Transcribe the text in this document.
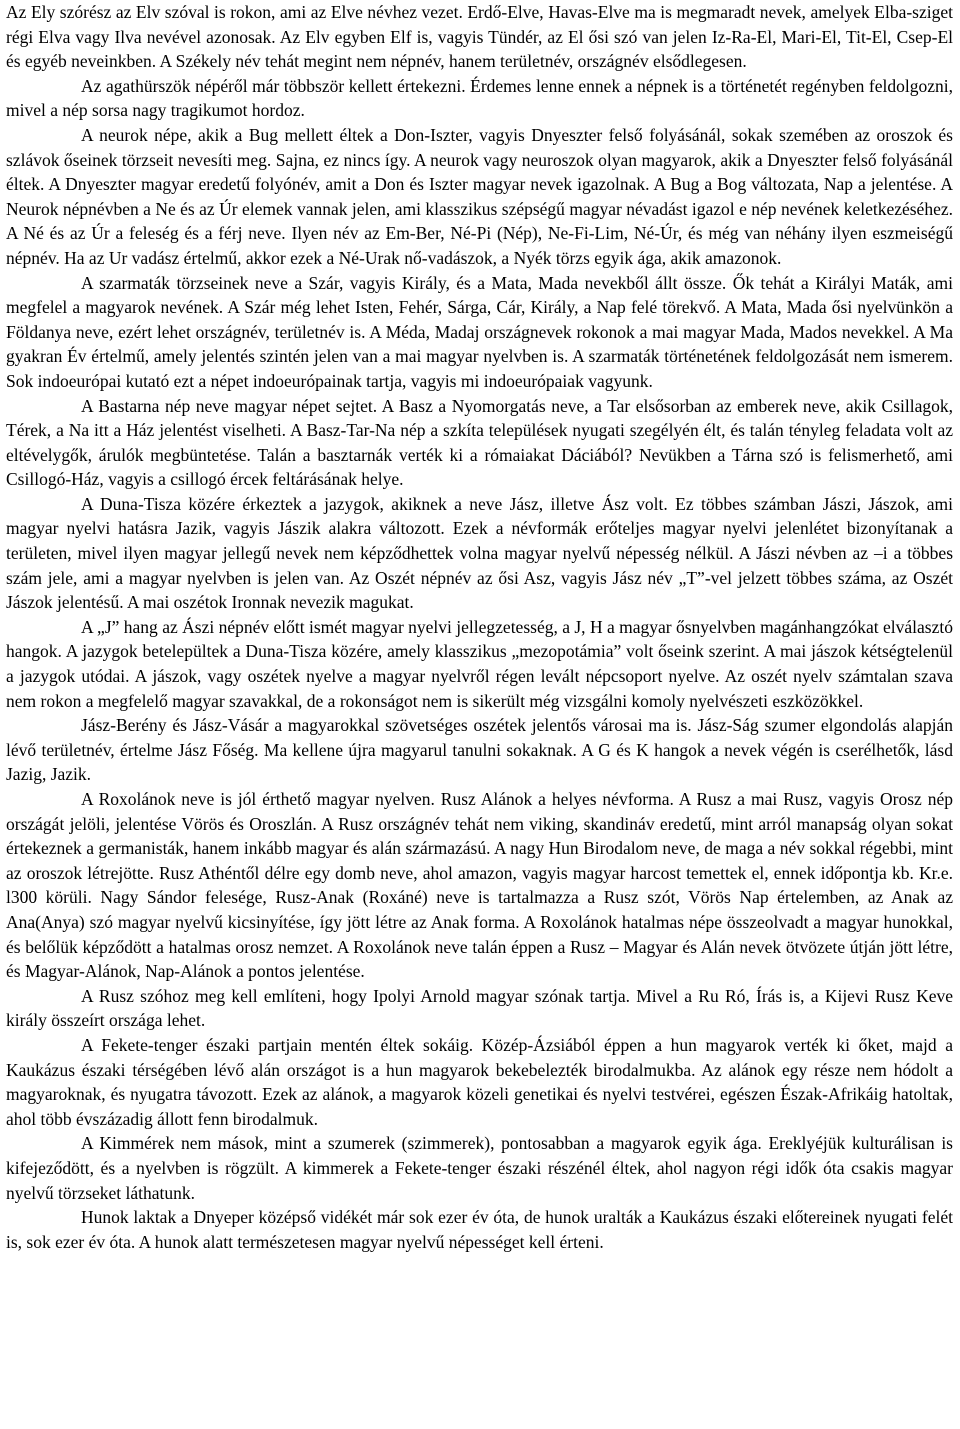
Az Ely szórész az Elv szóval is rokon, ami az Elve névhez vezet. Erdő-Elve, Havas-Elve ma is megmaradt nevek, amelyek Elba-sziget régi Elva vagy Ilva nevével azonosak. Az Elv egyben Elf is, vagyis Tündér, az El ősi szó van jelen Iz-Ra-El, Mari-El, Tit-El, Csep-El és egyéb neveinkben. A Székely név tehát megint nem népnév, hanem területnév, országnév elsődlegesen.

Az agathürszök népéről már többször kellett értekezni. Érdemes lenne ennek a népnek is a történetét regényben feldolgozni, mivel a nép sorsa nagy tragikumot hordoz.

A neurok népe, akik a Bug mellett éltek a Don-Iszter, vagyis Dnyeszter felső folyásánál, sokak szemében az oroszok és szlávok őseinek törzseit nevesíti meg. Sajna, ez nincs így. A neurok vagy neuroszok olyan magyarok, akik a Dnyeszter felső folyásánál éltek. A Dnyeszter magyar eredetű folyónév, amit a Don és Iszter magyar nevek igazolnak. A Bug a Bog változata, Nap a jelentése. A Neurok népnévben a Ne és az Úr elemek vannak jelen, ami klasszikus szépségű magyar névadást igazol e nép nevének keletkezéséhez. A Né és az Úr a feleség és a férj neve. Ilyen név az Em-Ber, Né-Pi (Nép), Ne-Fi-Lim, Né-Úr, és még van néhány ilyen eszmeiségű népnév. Ha az Ur vadász értelmű, akkor ezek a Né-Urak nő-vadászok, a Nyék törzs egyik ága, akik amazonok.

A szarmaták törzseinek neve a Szár, vagyis Király, és a Mata, Mada nevekből állt össze. Ők tehát a Királyi Maták, ami megfelel a magyarok nevének. A Szár még lehet Isten, Fehér, Sárga, Cár, Király, a Nap felé törekvő. A Mata, Mada ősi nyelvünkön a Földanya neve, ezért lehet országnév, területnév is. A Méda, Madaj országnevek rokonok a mai magyar Mada, Mados nevekkel. A Ma gyakran Év értelmű, amely jelentés szintén jelen van a mai magyar nyelvben is. A szarmaták történetének feldolgozását nem ismerem. Sok indoeurópai kutató ezt a népet indoeurópainak tartja, vagyis mi indoeurópaiak vagyunk.

A Bastarna nép neve magyar népet sejtet. A Basz a Nyomorgatás neve, a Tar elsősorban az emberek neve, akik Csillagok, Térek, a Na itt a Ház jelentést viselheti. A Basz-Tar-Na nép a szkíta települések nyugati szegélyén élt, és talán tényleg feladata volt az eltévelygők, árulók megbüntetése. Talán a basztarnák verték ki a rómaiakat Dáciából? Nevükben a Tárna szó is felismerhető, ami Csillogó-Ház, vagyis a csillogó ércek feltárásának helye.

A Duna-Tisza közére érkeztek a jazygok, akiknek a neve Jász, illetve Ász volt. Ez többes számban Jászi, Jászok, ami magyar nyelvi hatásra Jazik, vagyis Jászik alakra változott. Ezek a névformák erőteljes magyar nyelvi jelenlétet bizonyítanak a területen, mivel ilyen magyar jellegű nevek nem képződhettek volna magyar nyelvű népesség nélkül. A Jászi névben az –i a többes szám jele, ami a magyar nyelvben is jelen van. Az Oszét népnév az ősi Asz, vagyis Jász név „T”-vel jelzett többes száma, az Oszét Jászok jelentésű. A mai oszétok Ironnak nevezik magukat.

A „J” hang az Ászi népnév előtt ismét magyar nyelvi jellegzetesség, a J, H a magyar ősnyelvben magánhangzókat elválasztó hangok. A jazygok betelepültek a Duna-Tisza közére, amely klasszikus „mezopotámia” volt őseink szerint. A mai jászok kétségtelenül a jazygok utódai. A jászok, vagy oszétek nyelve a magyar nyelvről régen levált népcsoport nyelve. Az oszét nyelv számtalan szava nem rokon a megfelelő magyar szavakkal, de a rokonságot nem is sikerült még vizsgálni komoly nyelvészeti eszközökkel.

Jász-Berény és Jász-Vásár a magyarokkal szövetséges oszétek jelentős városai ma is. Jász-Ság szumer elgondolás alapján lévő területnév, értelme Jász Főség. Ma kellene újra magyarul tanulni sokaknak. A G és K hangok a nevek végén is cserélhetők, lásd Jazig, Jazik.

A Roxolánok neve is jól érthető magyar nyelven. Rusz Alánok a helyes névforma. A Rusz a mai Rusz, vagyis Orosz nép országát jelöli, jelentése Vörös és Oroszlán. A Rusz országnév tehát nem viking, skandináv eredetű, mint arról manapság olyan sokat értekeznek a germanisták, hanem inkább magyar és alán származású. A nagy Hun Birodalom neve, de maga a név sokkal régebbi, mint az oroszok létrejötte. Rusz Athéntől délre egy domb neve, ahol amazon, vagyis magyar harcost temettek el, ennek időpontja kb. Kr.e. l300 körüli. Nagy Sándor felesége, Rusz-Anak (Roxáné) neve is tartalmazza a Rusz szót, Vörös Nap értelemben, az Anak az Ana(Anya) szó magyar nyelvű kicsinyítése, így jött létre az Anak forma. A Roxolánok hatalmas népe összeolvadt a magyar hunokkal, és belőlük képződött a hatalmas orosz nemzet. A Roxolánok neve talán éppen a Rusz – Magyar és Alán nevek ötvözete útján jött létre, és Magyar-Alánok, Nap-Alánok a pontos jelentése.

A Rusz szóhoz meg kell említeni, hogy Ipolyi Arnold magyar szónak tartja. Mivel a Ru Ró, Írás is, a Kijevi Rusz Keve király összeírt országa lehet.

A Fekete-tenger északi partjain mentén éltek sokáig. Közép-Ázsiából éppen a hun magyarok verték ki őket, majd a Kaukázus északi térségében lévő alán országot is a hun magyarok bekebelezték birodalmukba. Az alánok egy része nem hódolt a magyaroknak, és nyugatra távozott. Ezek az alánok, a magyarok közeli genetikai és nyelvi testvérei, egészen Észak-Afrikáig hatoltak, ahol több évszázadig állott fenn birodalmuk.

A Kimmérek nem mások, mint a szumerek (szimmerek), pontosabban a magyarok egyik ága. Ereklyéjük kulturálisan is kifejeződött, és a nyelvben is rögzült. A kimmerek a Fekete-tenger északi részénél éltek, ahol nagyon régi idők óta csakis magyar nyelvű törzseket láthatunk.

Hunok laktak a Dnyeper középső vidékét már sok ezer év óta, de hunok uralták a Kaukázus északi előtereinek nyugati felét is, sok ezer év óta. A hunok alatt természetesen magyar nyelvű népességet kell érteni.
